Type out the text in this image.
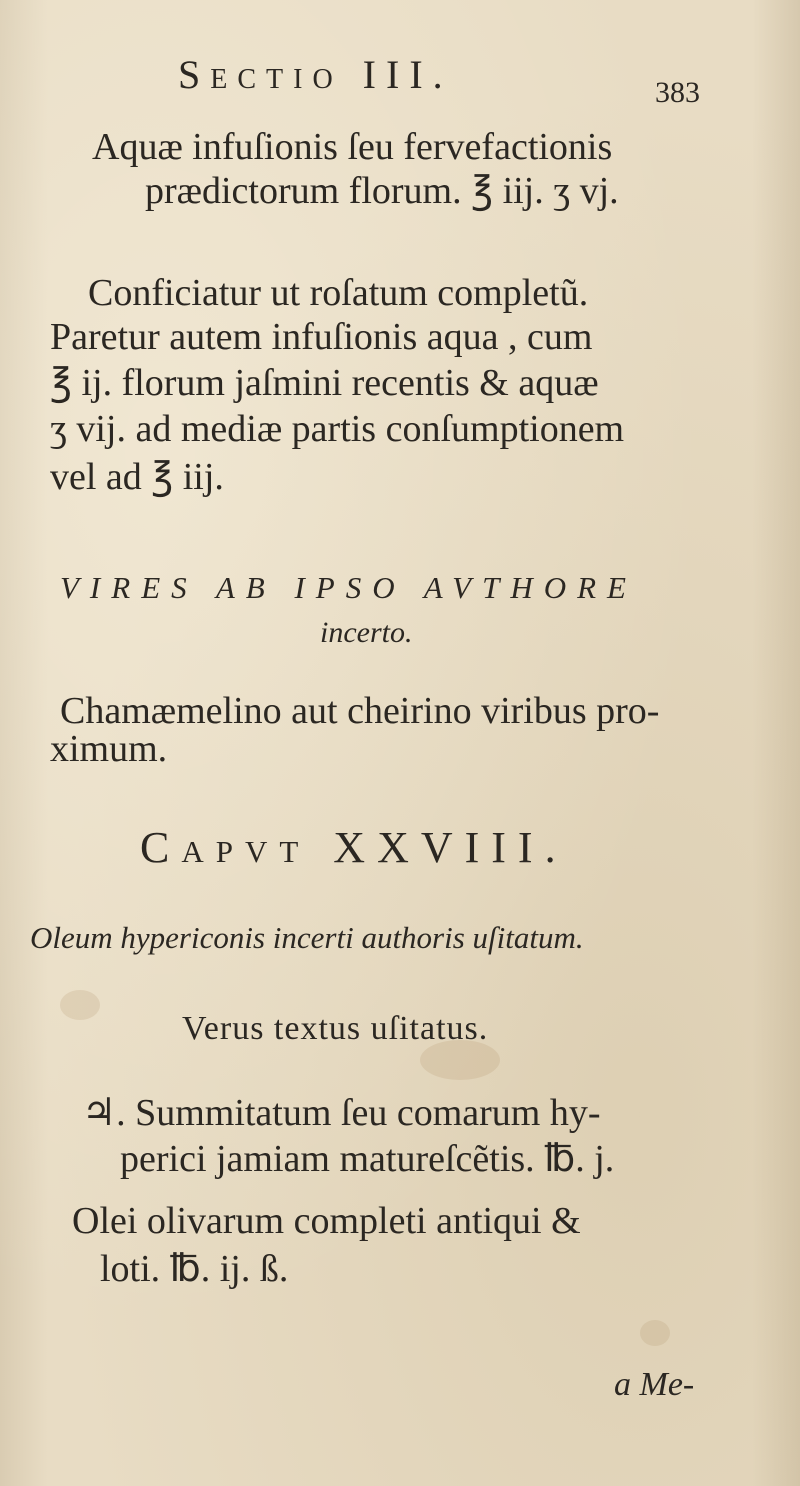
Sectio III.	383
Aquæ infuſionis ſeu fervefactionis
prædictorum florum. ℥ iij. ʒ vj.
Conficiatur ut roſatum completũ.
Paretur autem infuſionis aqua , cum
℥ ij. florum jaſmini recentis & aquæ
ʒ vij. ad mediæ partis conſumptionem
vel ad ℥ iij.
VIRES AB IPSO AVTHORE
incerto.
Chamæmelino aut cheirino viribus pro-
ximum.
Capvt XXVIII.
Oleum hypericonis incerti authoris uſitatum.
Verus textus uſitatus.
♃. Summitatum ſeu comarum hy-
perici jamiam matureſcẽtis. ℔. j.
Olei olivarum completi antiqui &
loti. ℔. ij. ß.
a Me-
